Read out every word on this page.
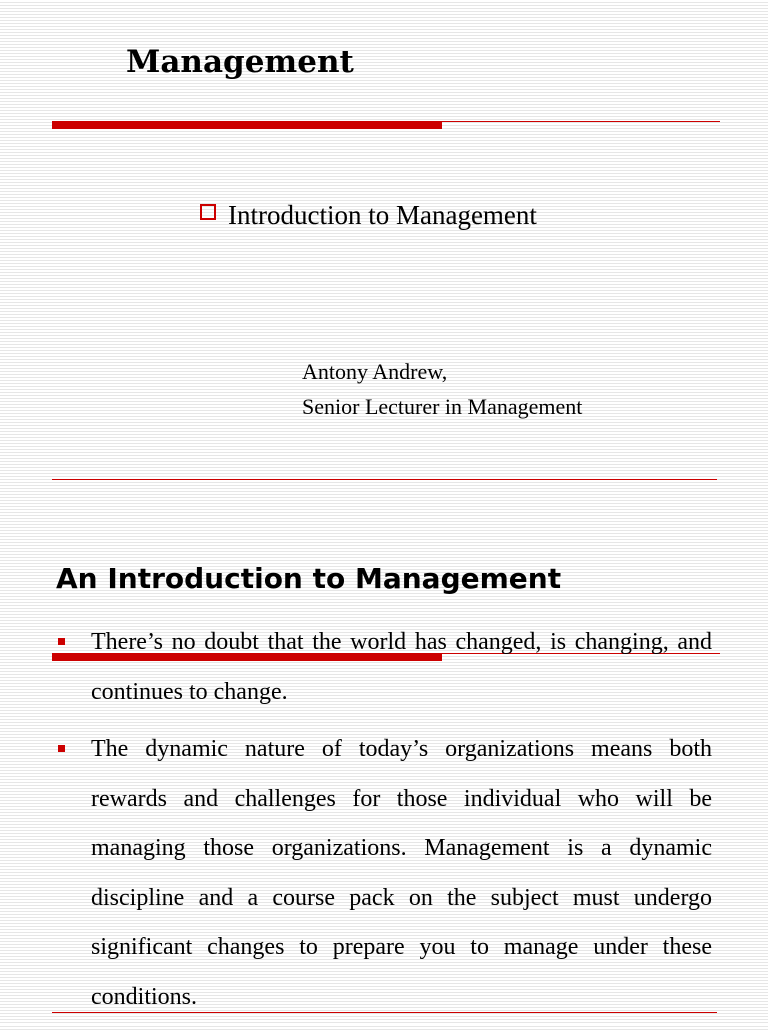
Management
Introduction to Management
Antony Andrew,
Senior Lecturer in Management
An Introduction to Management
There’s no doubt that the world has changed, is changing, and continues to change.
The dynamic nature of today’s organizations means both rewards and challenges for those individual who will be managing those organizations. Management is a dynamic discipline and a course pack on the subject must undergo significant changes to prepare you to manage under these conditions.
